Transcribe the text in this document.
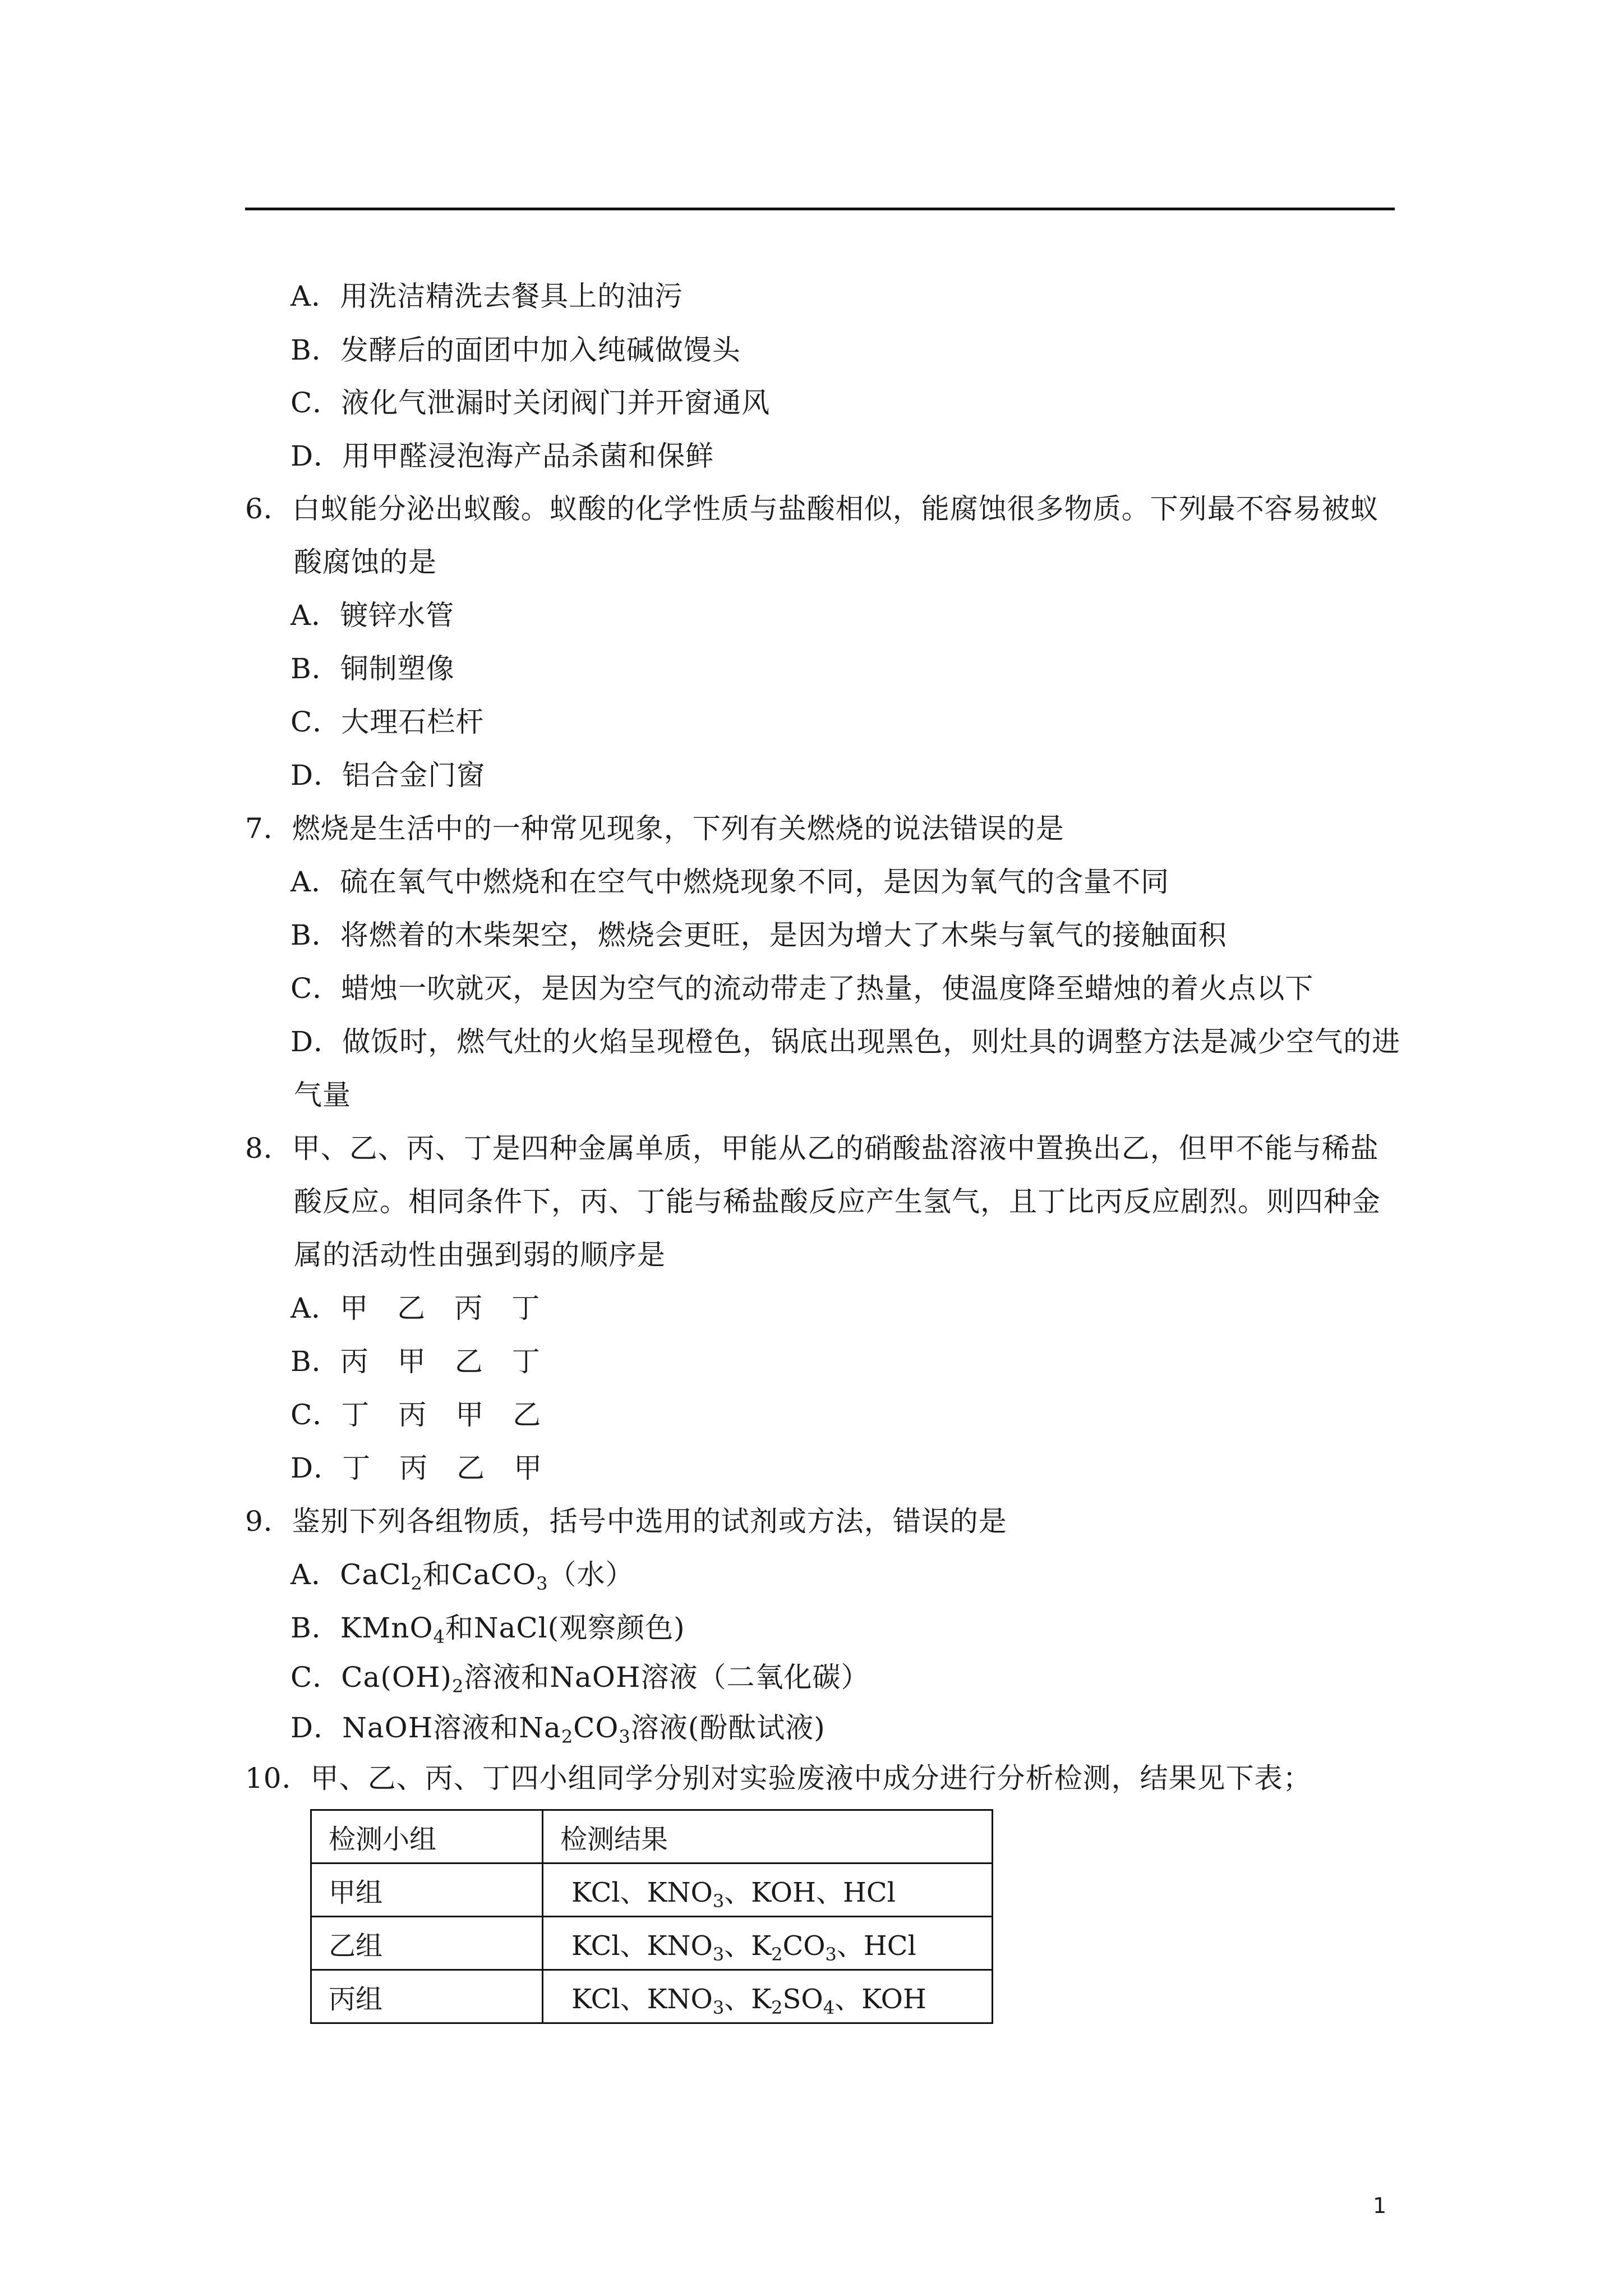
A．用洗洁精洗去餐具上的油污
B．发酵后的面团中加入纯碱做馒头
C．液化气泄漏时关闭阀门并开窗通风
D．用甲醛浸泡海产品杀菌和保鲜
6．白蚁能分泌出蚁酸。蚁酸的化学性质与盐酸相似，能腐蚀很多物质。下列最不容易被蚁
酸腐蚀的是
A．镀锌水管
B．铜制塑像
C．大理石栏杆
D．铝合金门窗
7．燃烧是生活中的一种常见现象，下列有关燃烧的说法错误的是
A．硫在氧气中燃烧和在空气中燃烧现象不同，是因为氧气的含量不同
B．将燃着的木柴架空，燃烧会更旺，是因为增大了木柴与氧气的接触面积
C．蜡烛一吹就灭，是因为空气的流动带走了热量，使温度降至蜡烛的着火点以下
D．做饭时，燃气灶的火焰呈现橙色，锅底出现黑色，则灶具的调整方法是减少空气的进
气量
8．甲、乙、丙、丁是四种金属单质，甲能从乙的硝酸盐溶液中置换出乙，但甲不能与稀盐
酸反应。相同条件下，丙、丁能与稀盐酸反应产生氢气，且丁比丙反应剧烈。则四种金
属的活动性由强到弱的顺序是
A．甲　乙　丙　丁
B．丙　甲　乙　丁
C．丁　丙　甲　乙
D．丁　丙　乙　甲
9．鉴别下列各组物质，括号中选用的试剂或方法，错误的是
A．CaCl$_2$和CaCO$_3$（水）
B．KMnO$_4$和NaCl(观察颜色)
C．$Ca(OH)_2$溶液和NaOH溶液（二氧化碳）
D．NaOH溶液和$Na_2CO_3$溶液(酚酞试液)
10．甲、乙、丙、丁四小组同学分别对实验废液中成分进行分析检测，结果见下表；
检测小组	检测结果
甲组	KCl、$KNO_3$、KOH、HCl
乙组	KCl、$KNO_3$、$K_2CO_3$、HCl
丙组	KCl、$KNO_3$、$K_2SO_4$、KOH
1
